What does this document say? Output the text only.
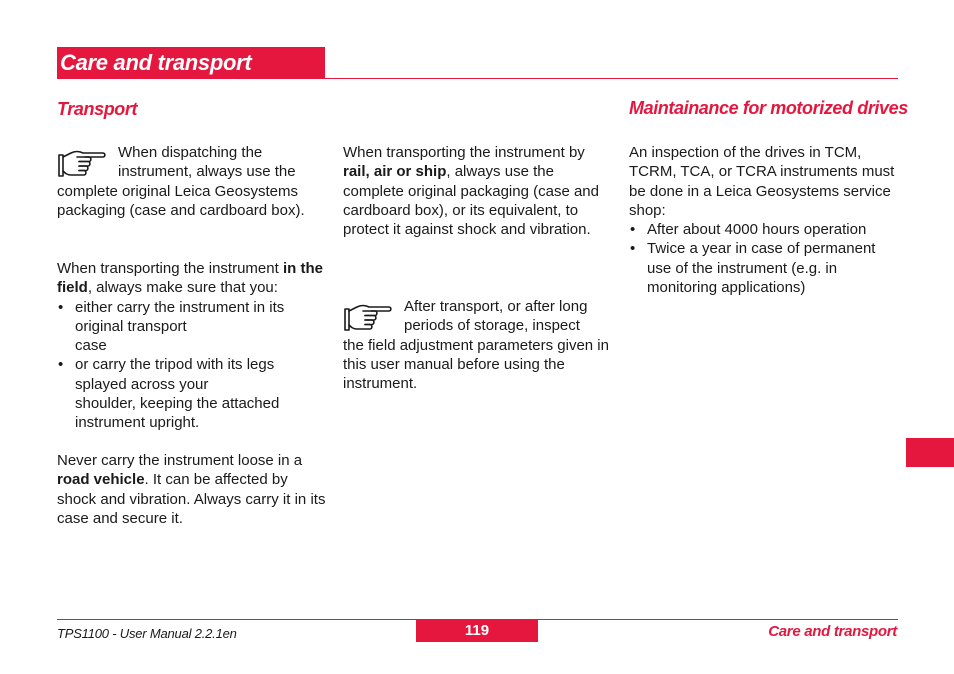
Care and transport
Transport
When dispatching the
instrument, always use the
complete original Leica Geosystems packaging (case and cardboard box).
When transporting the instrument in the field, always make sure that you:
• either carry the instrument in its
original transport
case
• or carry the tripod with its legs
splayed across your
shoulder, keeping the attached
instrument upright.
Never carry the instrument loose in a road vehicle. It can be affected by shock and vibration. Always carry it in its case and secure it.
When transporting the instrument by rail, air or ship, always use the complete original packaging (case and cardboard box), or its equivalent, to protect it against shock and vibration.
After transport, or after long
periods of storage, inspect
the field adjustment parameters given in this user manual before using the instrument.
Maintainance for motorized drives
An inspection of the drives in TCM, TCRM, TCA, or TCRA instruments must be done in a Leica Geosystems service shop:
• After about 4000 hours operation
• Twice a year in case of permanent use of the instrument (e.g. in monitoring applications)
TPS1100 - User Manual 2.2.1en	119	Care and transport
